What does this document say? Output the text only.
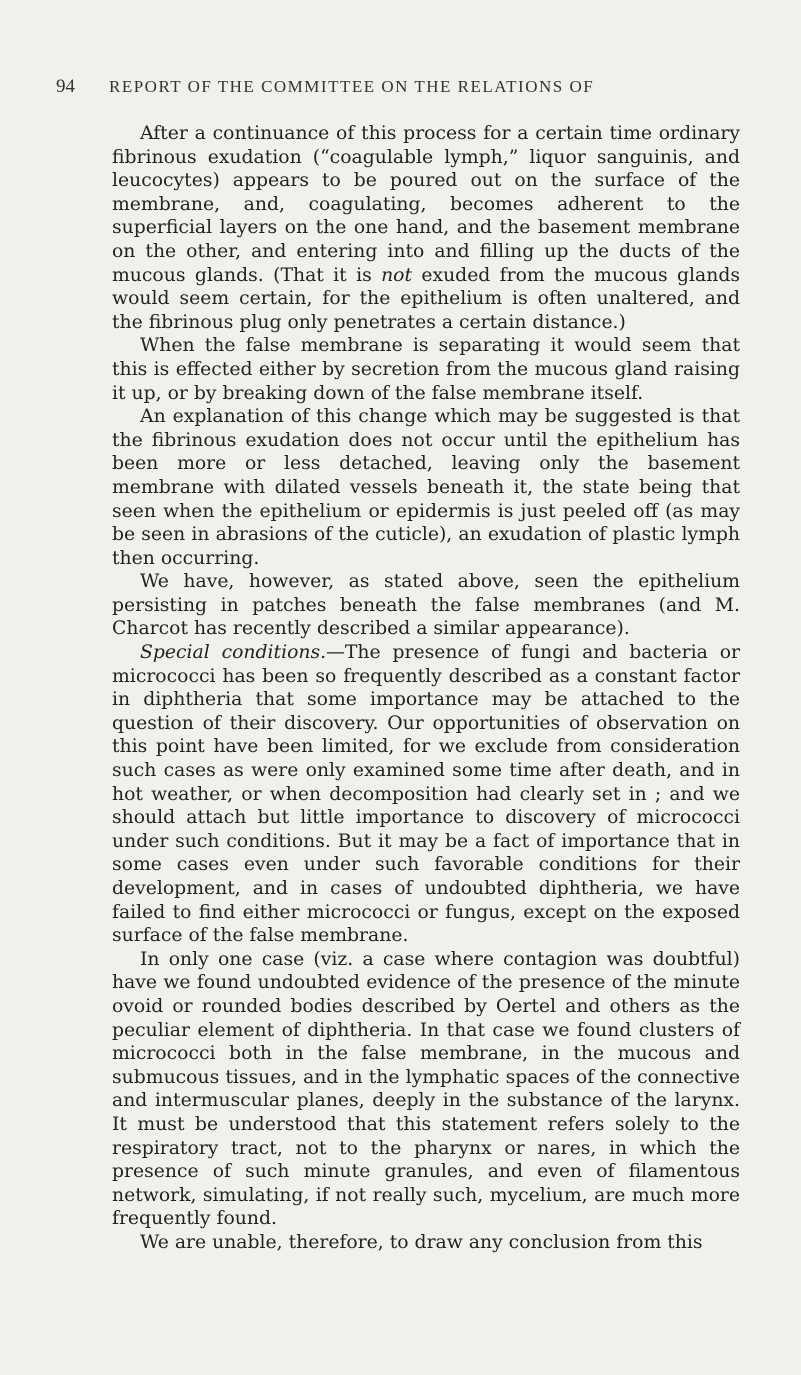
94 REPORT OF THE COMMITTEE ON THE RELATIONS OF

After a continuance of this process for a certain time ordinary fibrinous exudation (“coagulable lymph,” liquor sanguinis, and leucocytes) appears to be poured out on the surface of the membrane, and, coagulating, becomes adherent to the superficial layers on the one hand, and the basement membrane on the other, and entering into and filling up the ducts of the mucous glands. (That it is not exuded from the mucous glands would seem certain, for the epithelium is often unaltered, and the fibrinous plug only penetrates a certain distance.)

When the false membrane is separating it would seem that this is effected either by secretion from the mucous gland raising it up, or by breaking down of the false membrane itself.

An explanation of this change which may be suggested is that the fibrinous exudation does not occur until the epithelium has been more or less detached, leaving only the basement membrane with dilated vessels beneath it, the state being that seen when the epithelium or epidermis is just peeled off (as may be seen in abrasions of the cuticle), an exudation of plastic lymph then occurring.

We have, however, as stated above, seen the epithelium persisting in patches beneath the false membranes (and M. Charcot has recently described a similar appearance).

Special conditions.—The presence of fungi and bacteria or micrococci has been so frequently described as a constant factor in diphtheria that some importance may be attached to the question of their discovery. Our opportunities of observation on this point have been limited, for we exclude from consideration such cases as were only examined some time after death, and in hot weather, or when decomposition had clearly set in ; and we should attach but little importance to discovery of micrococci under such conditions. But it may be a fact of importance that in some cases even under such favorable conditions for their development, and in cases of undoubted diphtheria, we have failed to find either micrococci or fungus, except on the exposed surface of the false membrane.

In only one case (viz. a case where contagion was doubtful) have we found undoubted evidence of the presence of the minute ovoid or rounded bodies described by Oertel and others as the peculiar element of diphtheria. In that case we found clusters of micrococci both in the false membrane, in the mucous and submucous tissues, and in the lymphatic spaces of the connective and intermuscular planes, deeply in the substance of the larynx. It must be understood that this statement refers solely to the respiratory tract, not to the pharynx or nares, in which the presence of such minute granules, and even of filamentous network, simulating, if not really such, mycelium, are much more frequently found.

We are unable, therefore, to draw any conclusion from this
